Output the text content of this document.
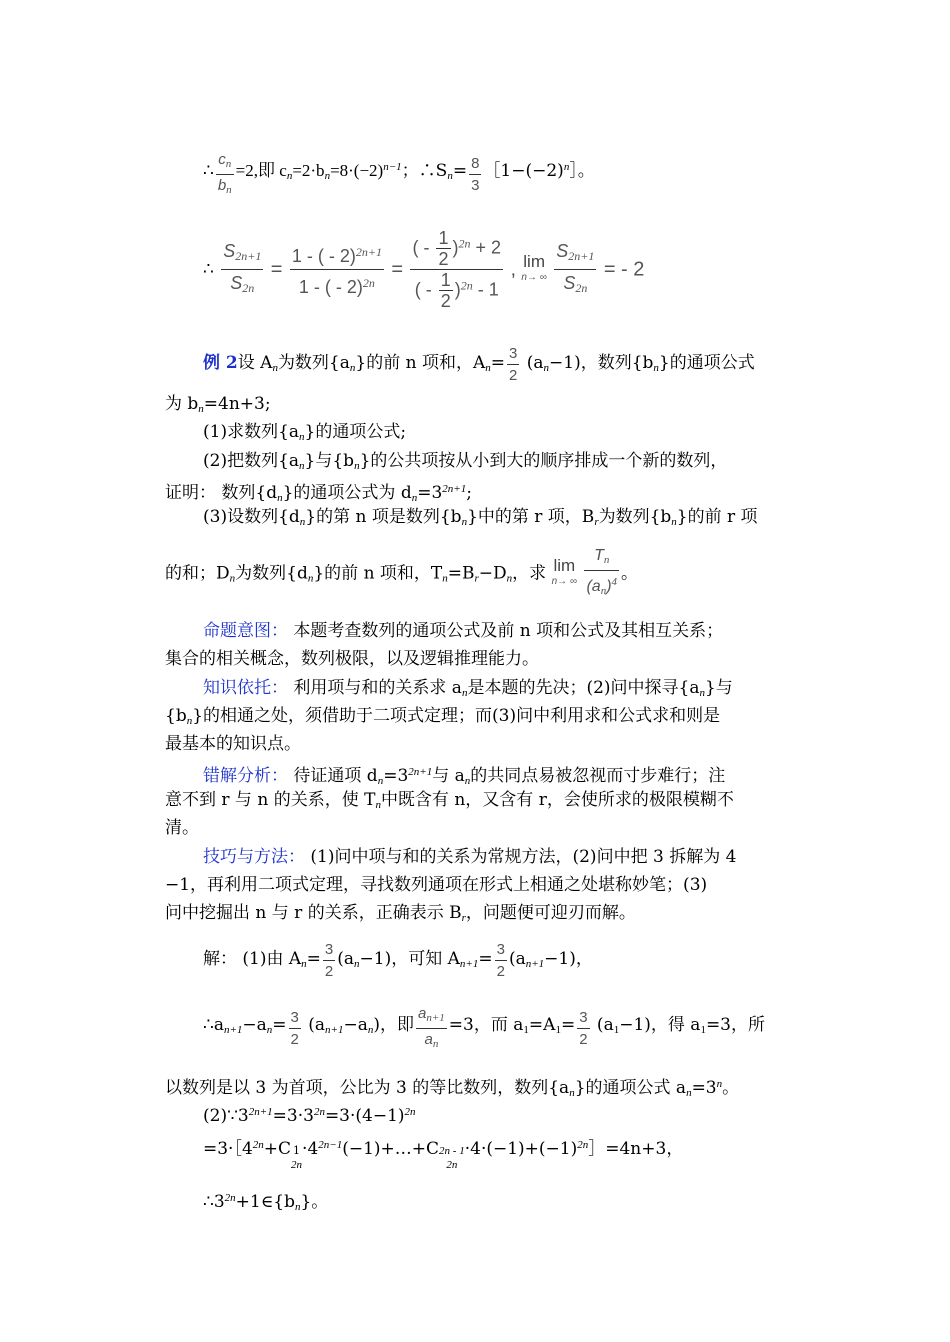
∴ $\frac{c_n}{b_n} =2$,即 $c_n=2\cdot b_n=8\cdot(-2)^{n-1}$；$\therefore S_n= \frac{8}{3}$ $[1-(-2)^n]$。
∴ $\frac{S_{2n+1}}{S_{2n}} = \frac{1 - ( - 2)^{2n+1}}{1 - ( - 2)^{2n}} = \frac{( - \frac{1}{2} )^{2n} + 2}{( - \frac{1}{2} )^{2n} - 1}$ , lim
n→ ∞
$\frac{S_{2n+1}}{S_{2n}}$ = - 2
例 2设 $A_n$为数列$\{a_n\}$的前 n 项和，$A_n= \frac{3}{2} (a_n-1)$，数列$\{b_n\}$的通项公式
为 $b_n=4n+3$;
(1)求数列$\{a_n\}$的通项公式;
(2)把数列$\{a_n\}$与$\{b_n\}$的公共项按从小到大的顺序排成一个新的数列，
证明： 数列$\{d_n\}$的通项公式为 $d_n=3^{2n+1}$;
(3)设数列$\{d_n\}$的第 n 项是数列$\{b_n\}$中的第 r 项，$B_r$为数列$\{b_n\}$的前 r 项
的和；$D_n$为数列$\{d_n\}$的前 n 项和，$T_n=B_r-D_n$，求 lim
n→ ∞
$\frac{T_n}{(a_n)^4}$ 。
命题意图： 本题考查数列的通项公式及前 n 项和公式及其相互关系；
集合的相关概念，数列极限，以及逻辑推理能力。
知识依托： 利用项与和的关系求 $a_n$是本题的先决；(2)问中探寻$\{a_n\}$与
$\{b_n\}$的相通之处，须借助于二项式定理；而(3)问中利用求和公式求和则是
最基本的知识点。
错解分析： 待证通项 $d_n=3^{2n+1}$与 $a_n$的共同点易被忽视而寸步难行；注
意不到 r 与 n 的关系，使 $T_n$中既含有 n，又含有 r，会使所求的极限模糊不
清。
技巧与方法： (1)问中项与和的关系为常规方法，(2)问中把 3 拆解为 4
−1，再利用二项式定理，寻找数列通项在形式上相通之处堪称妙笔；(3)
问中挖掘出 n 与 r 的关系，正确表示 $B_r$，问题便可迎刃而解。
解： (1)由 $A_n= \frac{3}{2} (a_n-1)$，可知 $A_{n+1}= \frac{3}{2} (a_{n+1}-1)$，
$\therefore a_{n+1}-a_n= \frac{3}{2} (a_{n+1}-a_n)$，即 $\frac{a_{n+1}}{a_n} =3$，而 $a_1=A_1= \frac{3}{2} (a_1-1)$，得 $a_1=3$，所
以数列是以 3 为首项，公比为 3 的等比数列，数列$\{a_n\}$的通项公式 $a_n=3^n$。
$(2)\because 3^{2n+1}=3\cdot 3^{2n}=3\cdot(4-1)^{2n}$
$=3\cdot[4^{2n}+C$ 1
2n
$\cdot 4^{2n-1}(-1)+\dots+C$ 2n - 1
2n
$\cdot 4\cdot(-1)+(-1)^{2n}]=4n+3$，
$\therefore 3^{2n}+1\in\{b_n\}$。
